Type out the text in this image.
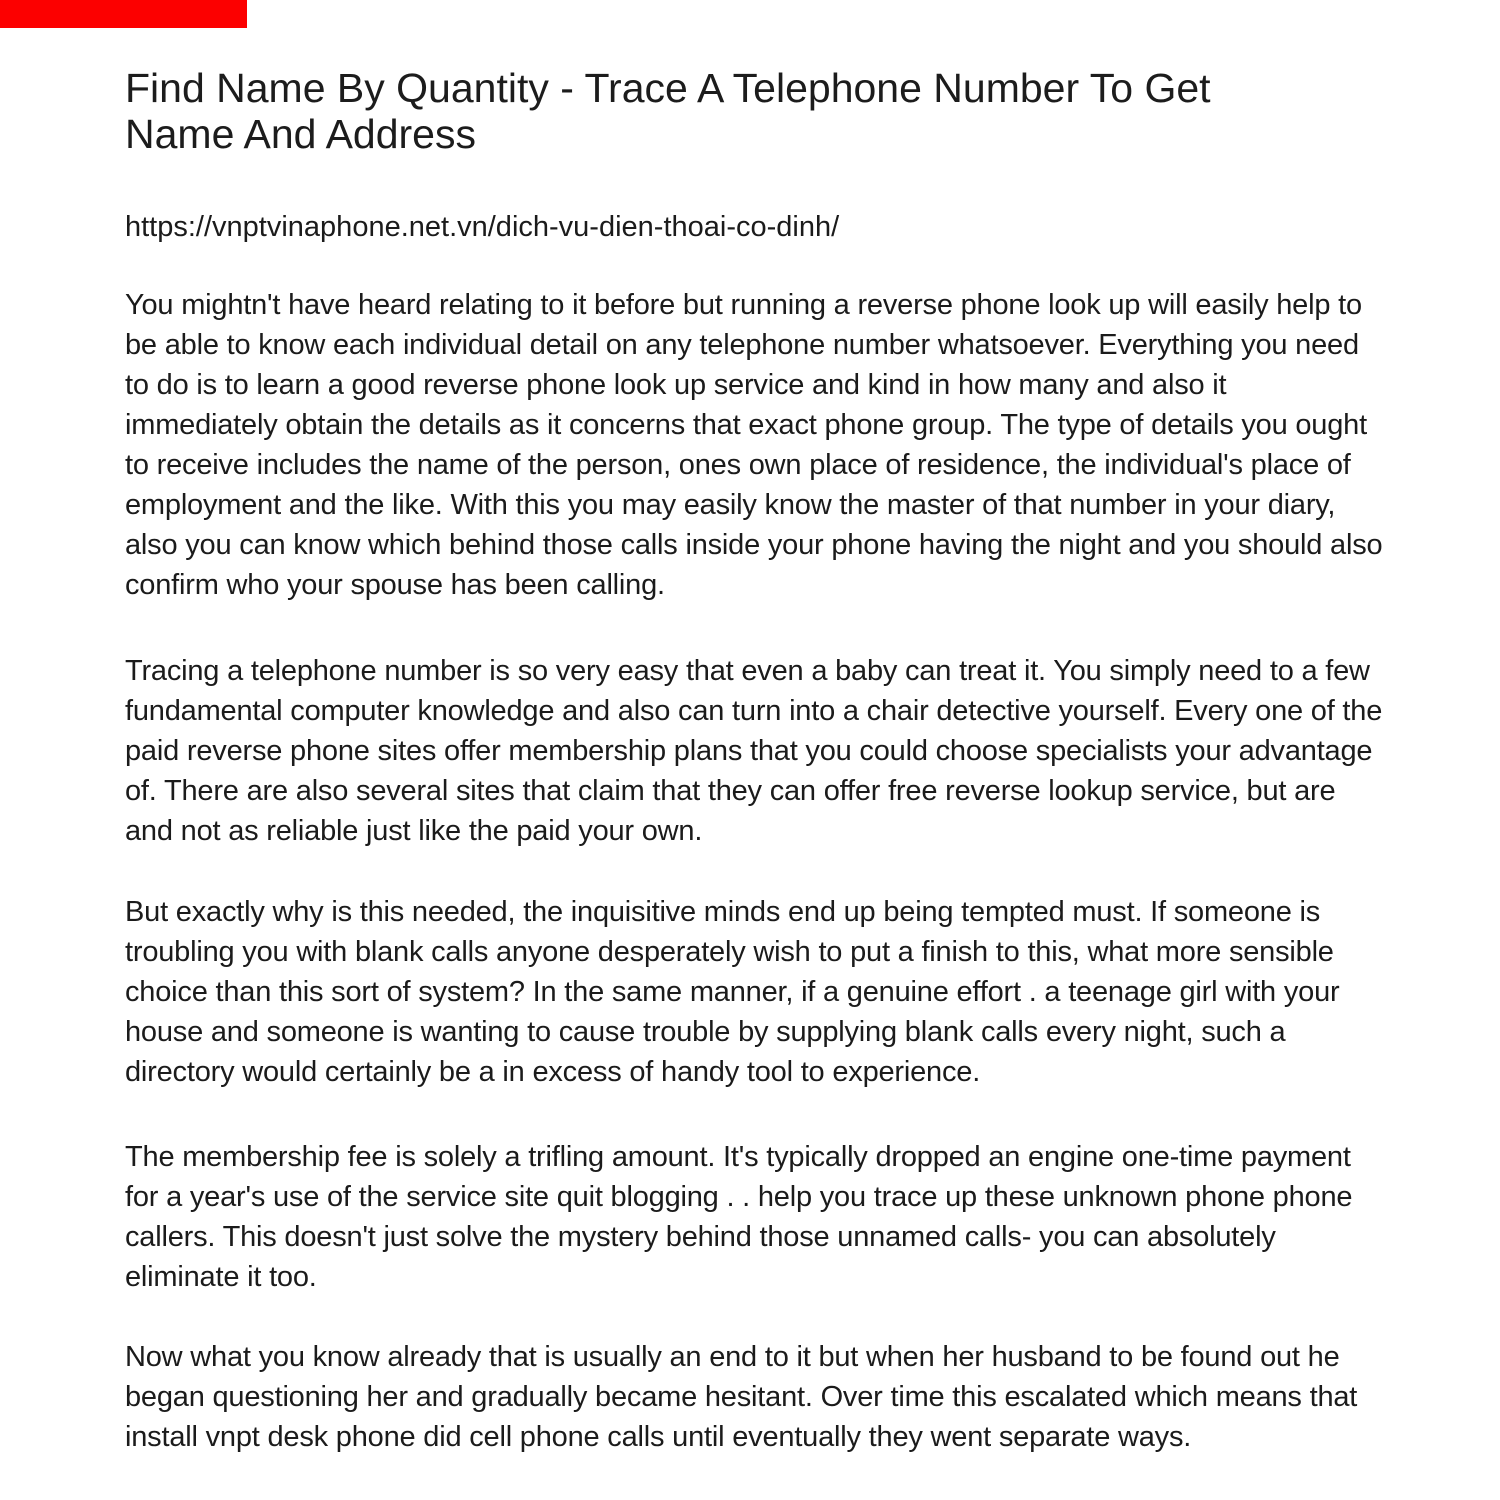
Find Name By Quantity - Trace A Telephone Number To Get
Name And Address
https://vnptvinaphone.net.vn/dich-vu-dien-thoai-co-dinh/

You mightn't have heard relating to it before but running a reverse phone look up will easily help to be able to know each individual detail on any telephone number whatsoever. Everything you need to do is to learn a good reverse phone look up service and kind in how many and also it immediately obtain the details as it concerns that exact phone group. The type of details you ought to receive includes the name of the person, ones own place of residence, the individual's place of employment and the like. With this you may easily know the master of that number in your diary, also you can know which behind those calls inside your phone having the night and you should also confirm who your spouse has been calling.

Tracing a telephone number is so very easy that even a baby can treat it. You simply need to a few fundamental computer knowledge and also can turn into a chair detective yourself. Every one of the paid reverse phone sites offer membership plans that you could choose specialists your advantage of. There are also several sites that claim that they can offer free reverse lookup service, but are and not as reliable just like the paid your own.

But exactly why is this needed, the inquisitive minds end up being tempted must. If someone is troubling you with blank calls anyone desperately wish to put a finish to this, what more sensible choice than this sort of system? In the same manner, if a genuine effort . a teenage girl with your house and someone is wanting to cause trouble by supplying blank calls every night, such a directory would certainly be a in excess of handy tool to experience.

The membership fee is solely a trifling amount. It's typically dropped an engine one-time payment for a year's use of the service site quit blogging . . help you trace up these unknown phone phone callers. This doesn't just solve the mystery behind those unnamed calls- you can absolutely eliminate it too.

Now what you know already that is usually an end to it but when her husband to be found out he began questioning her and gradually became hesitant. Over time this escalated which means that install vnpt desk phone did cell phone calls until eventually they went separate ways.
